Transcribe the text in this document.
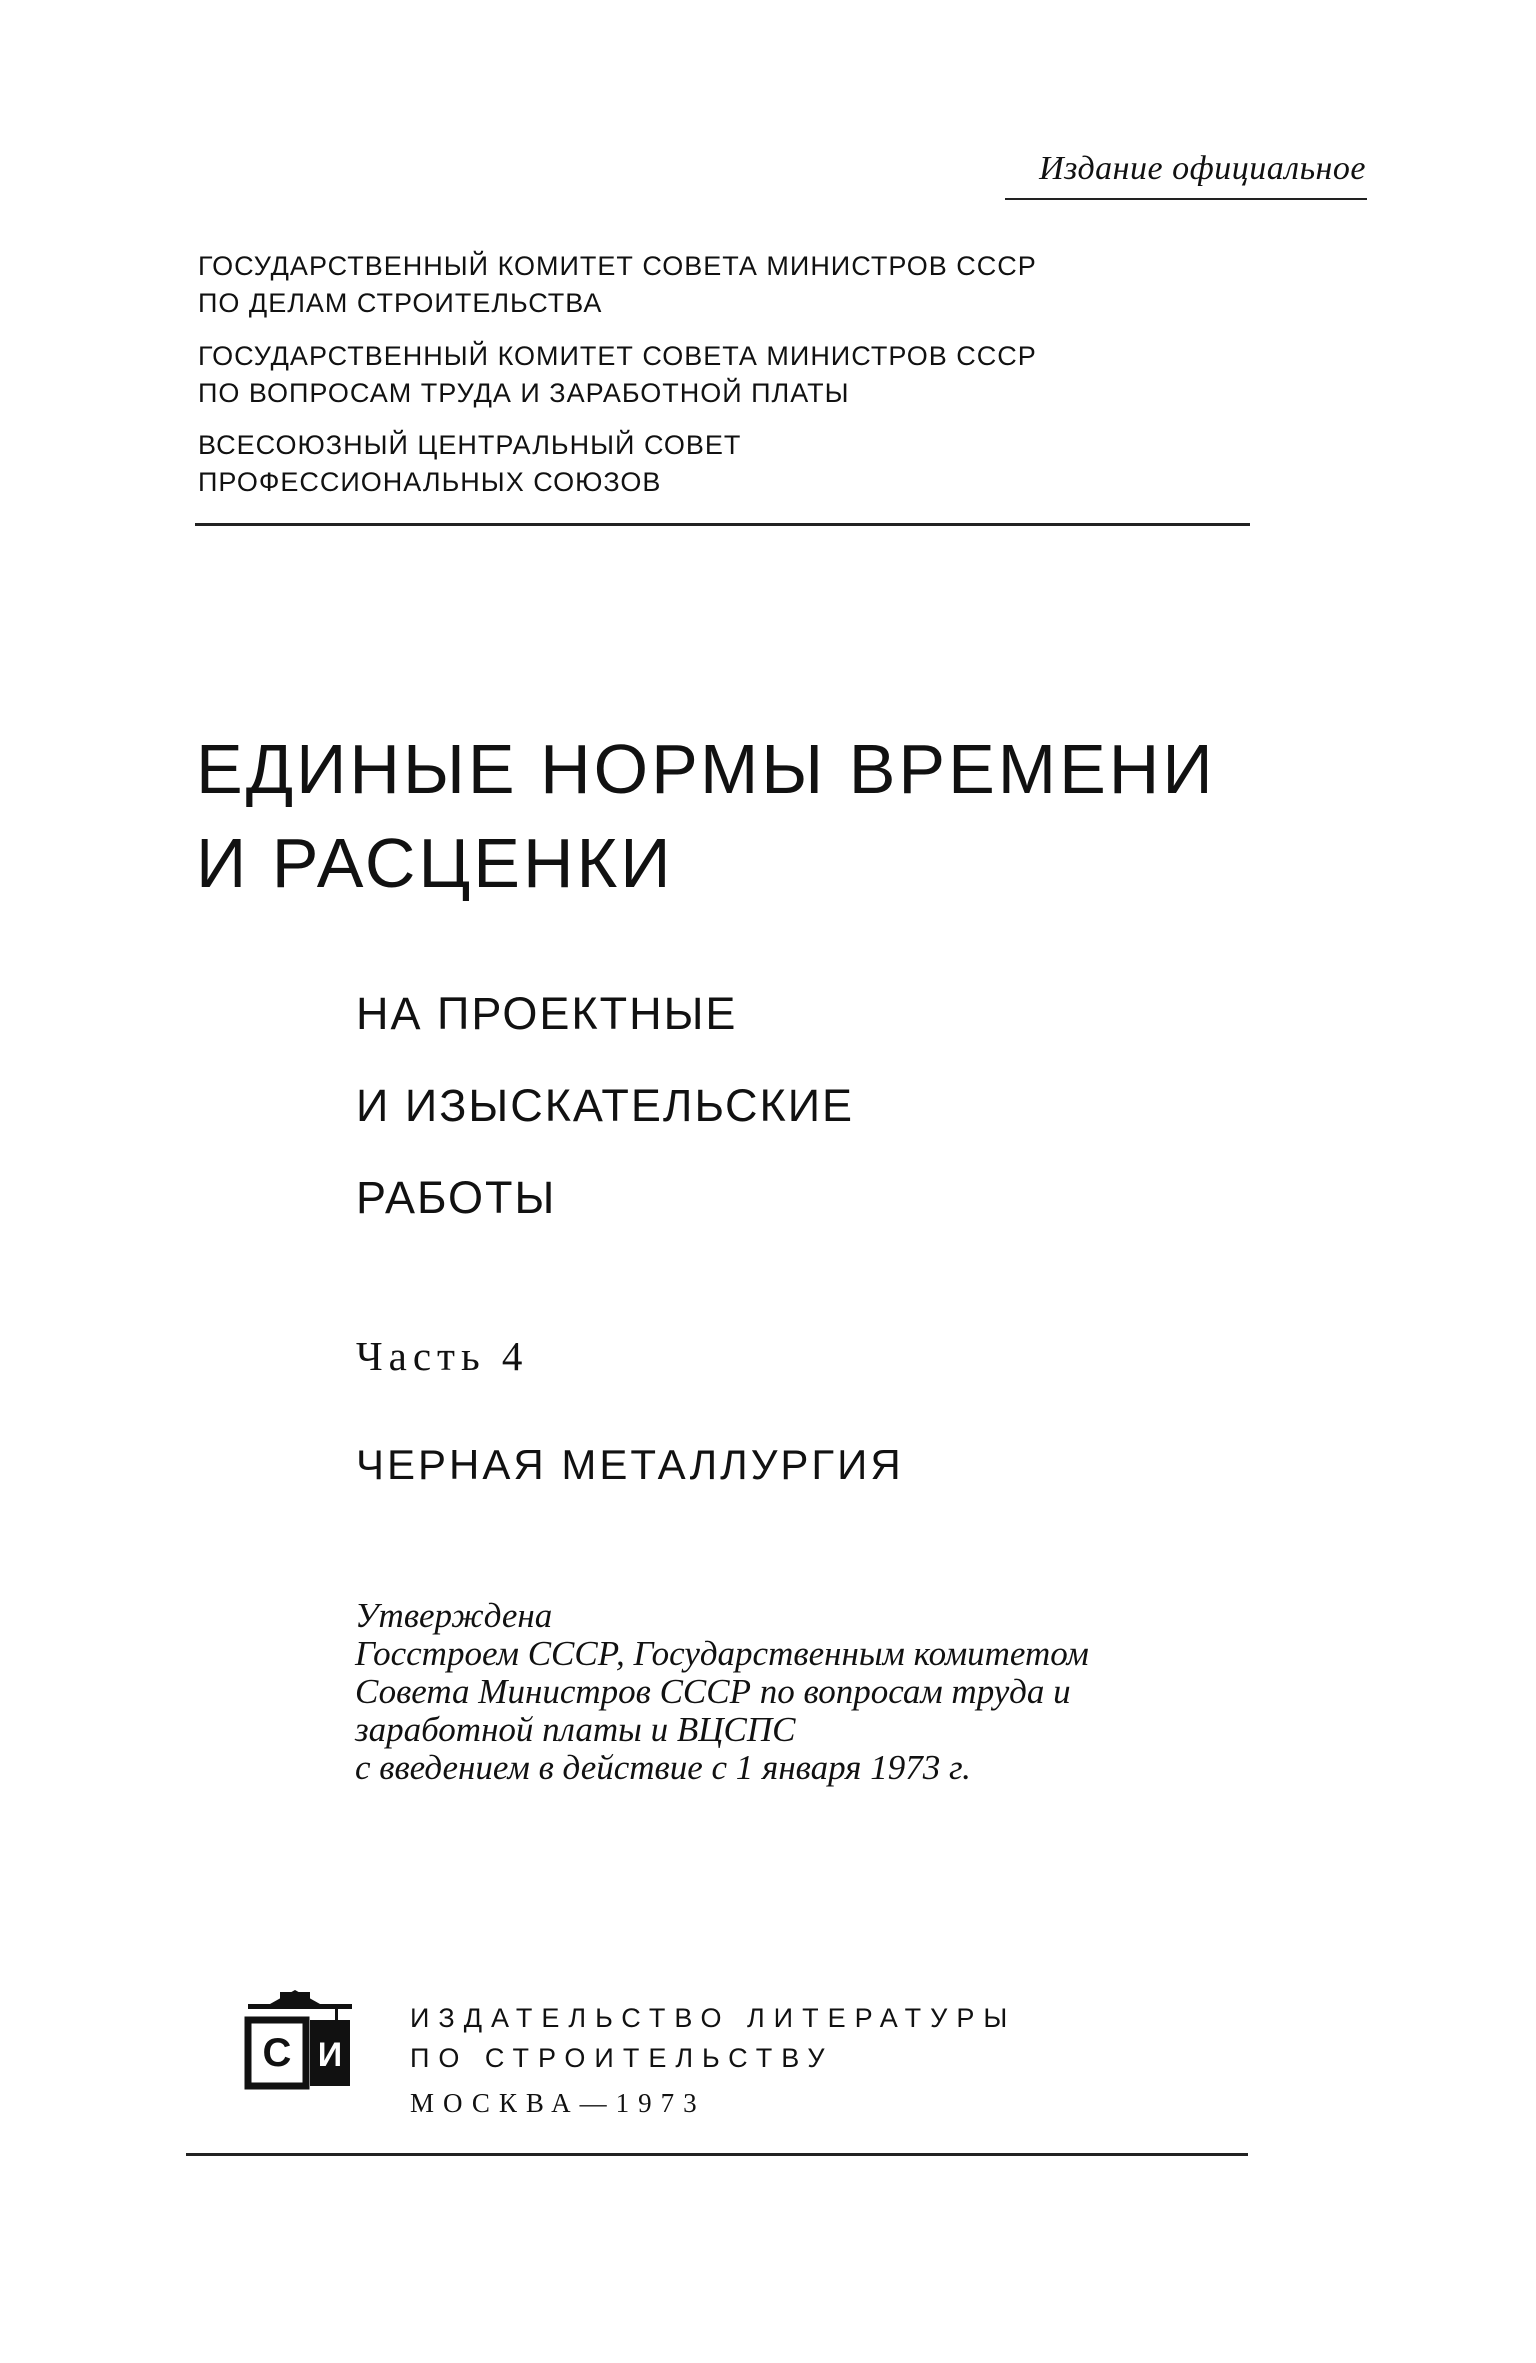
Издание официальное

ГОСУДАРСТВЕННЫЙ КОМИТЕТ СОВЕТА МИНИСТРОВ СССР
ПО ДЕЛАМ СТРОИТЕЛЬСТВА
ГОСУДАРСТВЕННЫЙ КОМИТЕТ СОВЕТА МИНИСТРОВ СССР
ПО ВОПРОСАМ ТРУДА И ЗАРАБОТНОЙ ПЛАТЫ
ВСЕСОЮЗНЫЙ ЦЕНТРАЛЬНЫЙ СОВЕТ
ПРОФЕССИОНАЛЬНЫХ СОЮЗОВ
ЕДИНЫЕ НОРМЫ ВРЕМЕНИ
И РАСЦЕНКИ
НА ПРОЕКТНЫЕ
И ИЗЫСКАТЕЛЬСКИЕ
РАБОТЫ

Часть 4

ЧЕРНАЯ МЕТАЛЛУРГИЯ

Утверждена
Госстроем СССР, Государственным комитетом
Совета Министров СССР по вопросам труда и
заработной платы и ВЦСПС
с введением в действие с 1 января 1973 г.
С И
ИЗДАТЕЛЬСТВО ЛИТЕРАТУРЫ
ПО СТРОИТЕЛЬСТВУ

МОСКВА—1973
